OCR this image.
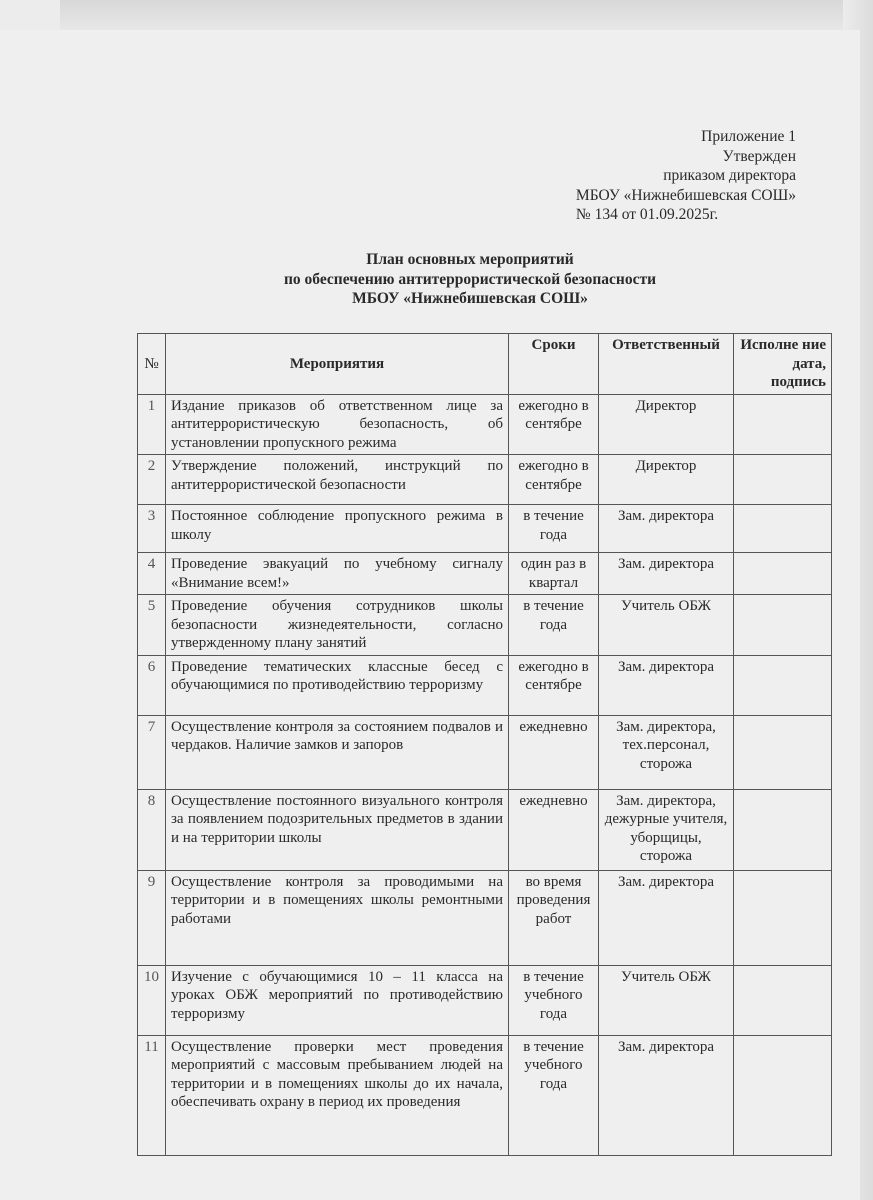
Приложение 1
Утвержден
приказом директора
МБОУ «Нижнебишевская СОШ»
№ 134 от 01.09.2025г.
План основных мероприятий
по обеспечению антитеррористической безопасности
МБОУ «Нижнебишевская СОШ»
№	Мероприятия	Сроки	Ответственный	Исполне ние дата, подпись
1	Издание приказов об ответственном лице за антитеррористическую безопасность, об установлении пропускного режима	ежегодно в сентябре	Директор	
2	Утверждение положений, инструкций по антитеррористической безопасности	ежегодно в сентябре	Директор	
3	Постоянное соблюдение пропускного режима в школу	в течение года	Зам. директора	
4	Проведение эвакуаций по учебному сигналу «Внимание всем!»	один раз в квартал	Зам. директора	
5	Проведение обучения сотрудников школы безопасности жизнедеятельности, согласно утвержденному плану занятий	в течение года	Учитель ОБЖ	
6	Проведение тематических классные бесед с обучающимися по противодействию терроризму	ежегодно в сентябре	Зам. директора	
7	Осуществление контроля за состоянием подвалов и чердаков. Наличие замков и запоров	ежедневно	Зам. директора, тех.персонал, сторожа	
8	Осуществление постоянного визуального контроля за появлением подозрительных предметов в здании и на территории школы	ежедневно	Зам. директора, дежурные учителя, уборщицы, сторожа	
9	Осуществление контроля за проводимыми на территории и в помещениях школы ремонтными работами	во время проведения работ	Зам. директора	
10	Изучение с обучающимися 10 – 11 класса на уроках ОБЖ мероприятий по противодействию терроризму	в течение учебного года	Учитель ОБЖ	
11	Осуществление проверки мест проведения мероприятий с массовым пребыванием людей на территории и в помещениях школы до их начала, обеспечивать охрану в период их проведения	в течение учебного года	Зам. директора	
